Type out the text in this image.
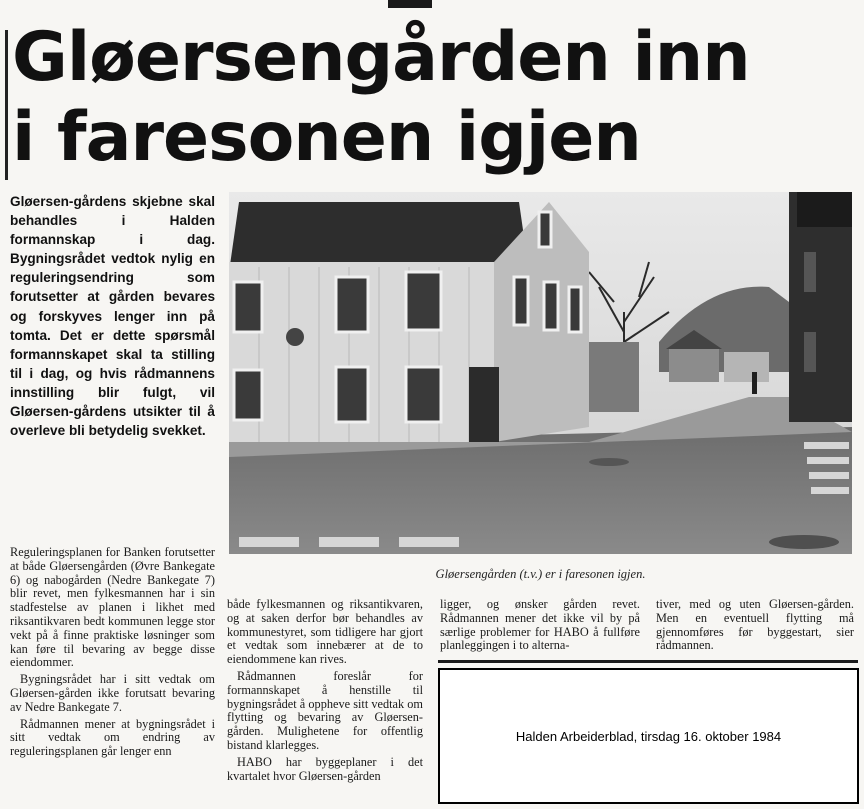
Gløersengården inn
i faresonen igjen

Gløersen-gårdens skjebne skal behandles i Halden formannskap i dag. Bygningsrådet vedtok nylig en reguleringsendring som forutsetter at gården bevares og forskyves lenger inn på tomta. Det er dette spørsmål formannskapet skal ta stilling til i dag, og hvis rådmannens innstilling blir fulgt, vil Gløersen-gårdens utsikter til å overleve bli betydelig svekket.

Gløersengården (t.v.) er i faresonen igjen.

Reguleringsplanen for Banken forutsetter at både Gløersengården (Øvre Bankegate 6) og nabogården (Nedre Bankegate 7) blir revet, men fylkesmannen har i sin stadfestelse av planen i likhet med riksantikvaren bedt kommunen legge stor vekt på å finne praktiske løsninger som kan føre til bevaring av begge disse eiendommer.

Bygningsrådet har i sitt vedtak om Gløersen-gården ikke forutsatt bevaring av Nedre Bankegate 7.

Rådmannen mener at bygningsrådet i sitt vedtak om endring av reguleringsplanen går lenger enn

både fylkesmannen og riksantikvaren, og at saken derfor bør behandles av kommunestyret, som tidligere har gjort et vedtak som innebærer at de to eiendommene kan rives.

Rådmannen foreslår for formannskapet å henstille til bygningsrådet å oppheve sitt vedtak om flytting og bevaring av Gløersen-gården. Mulighetene for offentlig bistand klarlegges.

HABO har byggeplaner i det kvartalet hvor Gløersen-gården

ligger, og ønsker gården revet. Rådmannen mener det ikke vil by på særlige problemer for HABO å fullføre planleggingen i to alterna-

tiver, med og uten Gløersen-gården. Men en eventuell flytting må gjennomføres før byggestart, sier rådmannen.

Halden Arbeiderblad, tirsdag 16. oktober 1984
